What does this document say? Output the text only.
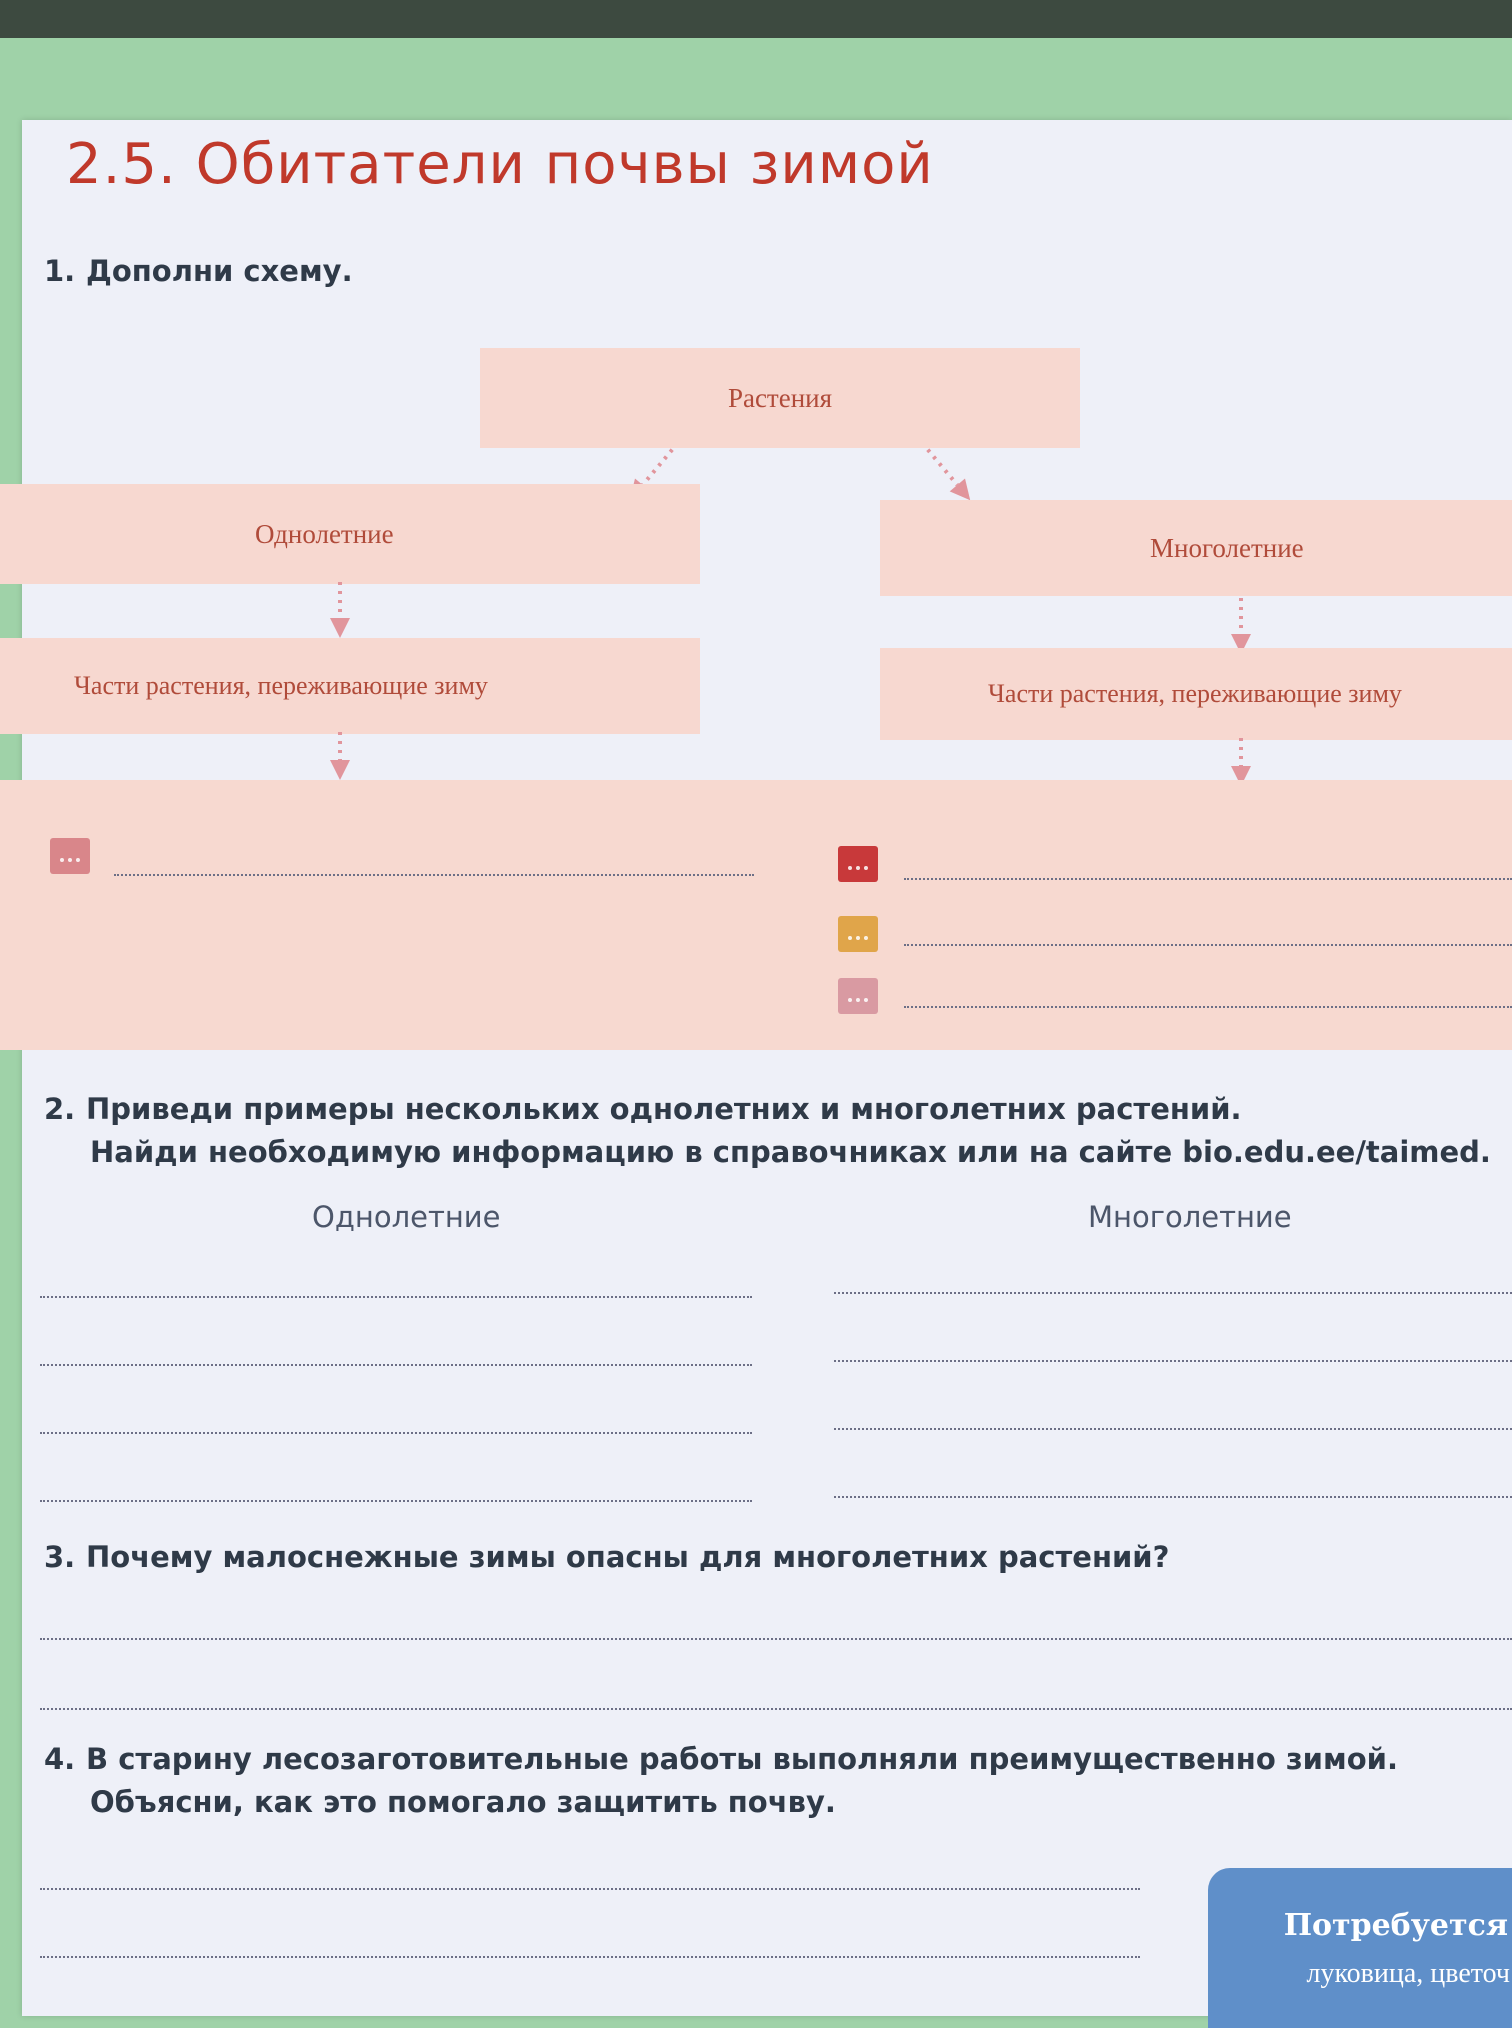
2.5. Обитатели почвы зимой
1. Дополни схему.
Растения
Однолетние	Многолетние
Части растения, переживающие зиму	Части растения, переживающие зиму
2. Приведи примеры нескольких однолетних и многолетних растений.
Найди необходимую информацию в справочниках или на сайте bio.edu.ee/taimed.
Однолетние	Многолетние
3. Почему малоснежные зимы опасны для многолетних растений?
4. В старину лесозаготовительные работы выполняли преимущественно зимой.
Объясни, как это помогало защитить почву.
Потребуется
луковица, цветоч
